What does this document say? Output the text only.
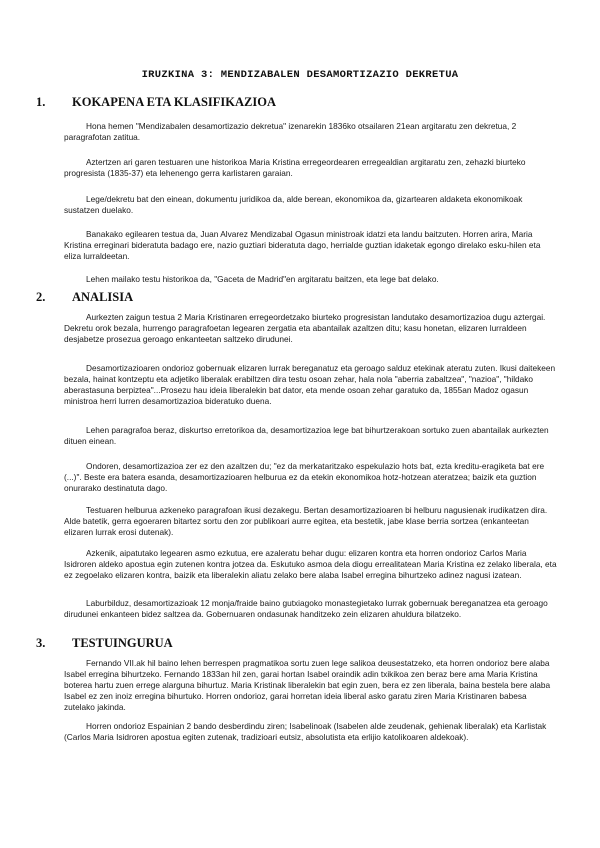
IRUZKINA 3: MENDIZABALEN DESAMORTIZAZIO DEKRETUA
1. KOKAPENA ETA KLASIFIKAZIOA

Hona hemen "Mendizabalen desamortizazio dekretua" izenarekin 1836ko otsailaren 21ean argitaratu zen dekretua, 2 paragrafotan zatitua.

Aztertzen ari garen testuaren une historikoa Maria Kristina erregeordearen erregealdian argitaratu zen, zehazki biurteko progresista (1835-37) eta lehenengo gerra karlistaren garaian.

Lege/dekretu bat den einean, dokumentu juridikoa da, alde berean, ekonomikoa da, gizartearen aldaketa ekonomikoak sustatzen duelako.

Banakako egilearen testua da, Juan Alvarez Mendizabal Ogasun ministroak idatzi eta landu baitzuten. Horren arira, Maria Kristina erreginari bideratuta badago ere, nazio guztiari bideratuta dago, herrialde guztian idaketak egongo direlako esku-hilen eta eliza lurraldeetan.

Lehen mailako testu historikoa da, "Gaceta de Madrid"en argitaratu baitzen, eta lege bat delako.

2. ANALISIA

Aurkezten zaigun testua 2 Maria Kristinaren erregeordetzako biurteko progresistan landutako desamortizazioa dugu aztergai. Dekretu orok bezala, hurrengo paragrafoetan legearen zergatia eta abantailak azaltzen ditu; kasu honetan, elizaren lurraldeen desjabetze prosezua geroago enkanteetan saltzeko dirudunei.

Desamortizazioaren ondorioz gobernuak elizaren lurrak bereganatuz eta geroago salduz etekinak ateratu zuten. Ikusi daitekeen bezala, hainat kontzeptu eta adjetiko liberalak erabiltzen dira testu osoan zehar, hala nola "aberria zabaltzea", "nazioa", "hildako aberastasuna berpiztea"...Prosezu hau ideia liberalekin bat dator, eta mende osoan zehar garatuko da, 1855an Madoz ogasun ministroa herri lurren desamortizazioa bideratuko duena.

Lehen paragrafoa beraz, diskurtso erretorikoa da, desamortizazioa lege bat bihurtzerakoan sortuko zuen abantailak aurkezten dituen einean.

Ondoren, desamortizazioa zer ez den azaltzen du; "ez da merkataritzako espekulazio hots bat, ezta kreditu-eragiketa bat ere (...)". Beste era batera esanda, desamortizazioaren helburua ez da etekin ekonomikoa hotz-hotzean ateratzea; baizik eta guztion onurarako destinatuta dago.

Testuaren helburua azkeneko paragrafoan ikusi dezakegu. Bertan desamortizazioaren bi helburu nagusienak irudikatzen dira. Alde batetik, gerra egoeraren bitartez sortu den zor publikoari aurre egitea, eta bestetik, jabe klase berria sortzea (enkanteetan elizaren lurrak erosi dutenak).

Azkenik, aipatutako legearen asmo ezkutua, ere azaleratu behar dugu: elizaren kontra eta horren ondorioz Carlos Maria Isidroren aldeko apostua egin zutenen kontra jotzea da. Eskutuko asmoa dela diogu errealitatean Maria Kristina ez zelako liberala, eta ez zegoelako elizaren kontra, baizik eta liberalekin aliatu zelako bere alaba Isabel erregina bihurtzeko adinez nagusi izatean.

Laburbilduz, desamortizazioak 12 monja/fraide baino gutxiagoko monastegietako lurrak gobernuak bereganatzea eta geroago dirudunei enkanteen bidez saltzea da. Gobernuaren ondasunak handitzeko zein elizaren ahuldura bilatzeko.

3. TESTUINGURUA

Fernando VII.ak hil baino lehen berrespen pragmatikoa sortu zuen lege salikoa deusestatzeko, eta horren ondorioz bere alaba Isabel erregina bihurtzeko. Fernando 1833an hil zen, garai hortan Isabel oraindik adin txikikoa zen beraz bere ama Maria Kristina boterea hartu zuen errege alarguna bihurtuz. Maria Kristinak liberalekin bat egin zuen, bera ez zen liberala, baina bestela bere alaba Isabel ez zen inoiz erregina bihurtuko. Horren ondorioz, garai horretan ideia liberal asko garatu ziren Maria Kristinaren babesa zutelako jakinda.

Horren ondorioz Espainian 2 bando desberdindu ziren; Isabelinoak (Isabelen alde zeudenak, gehienak liberalak) eta Karlistak (Carlos Maria Isidroren apostua egiten zutenak, tradizioari eutsiz, absolutista eta erlijio katolikoaren aldekoak).
